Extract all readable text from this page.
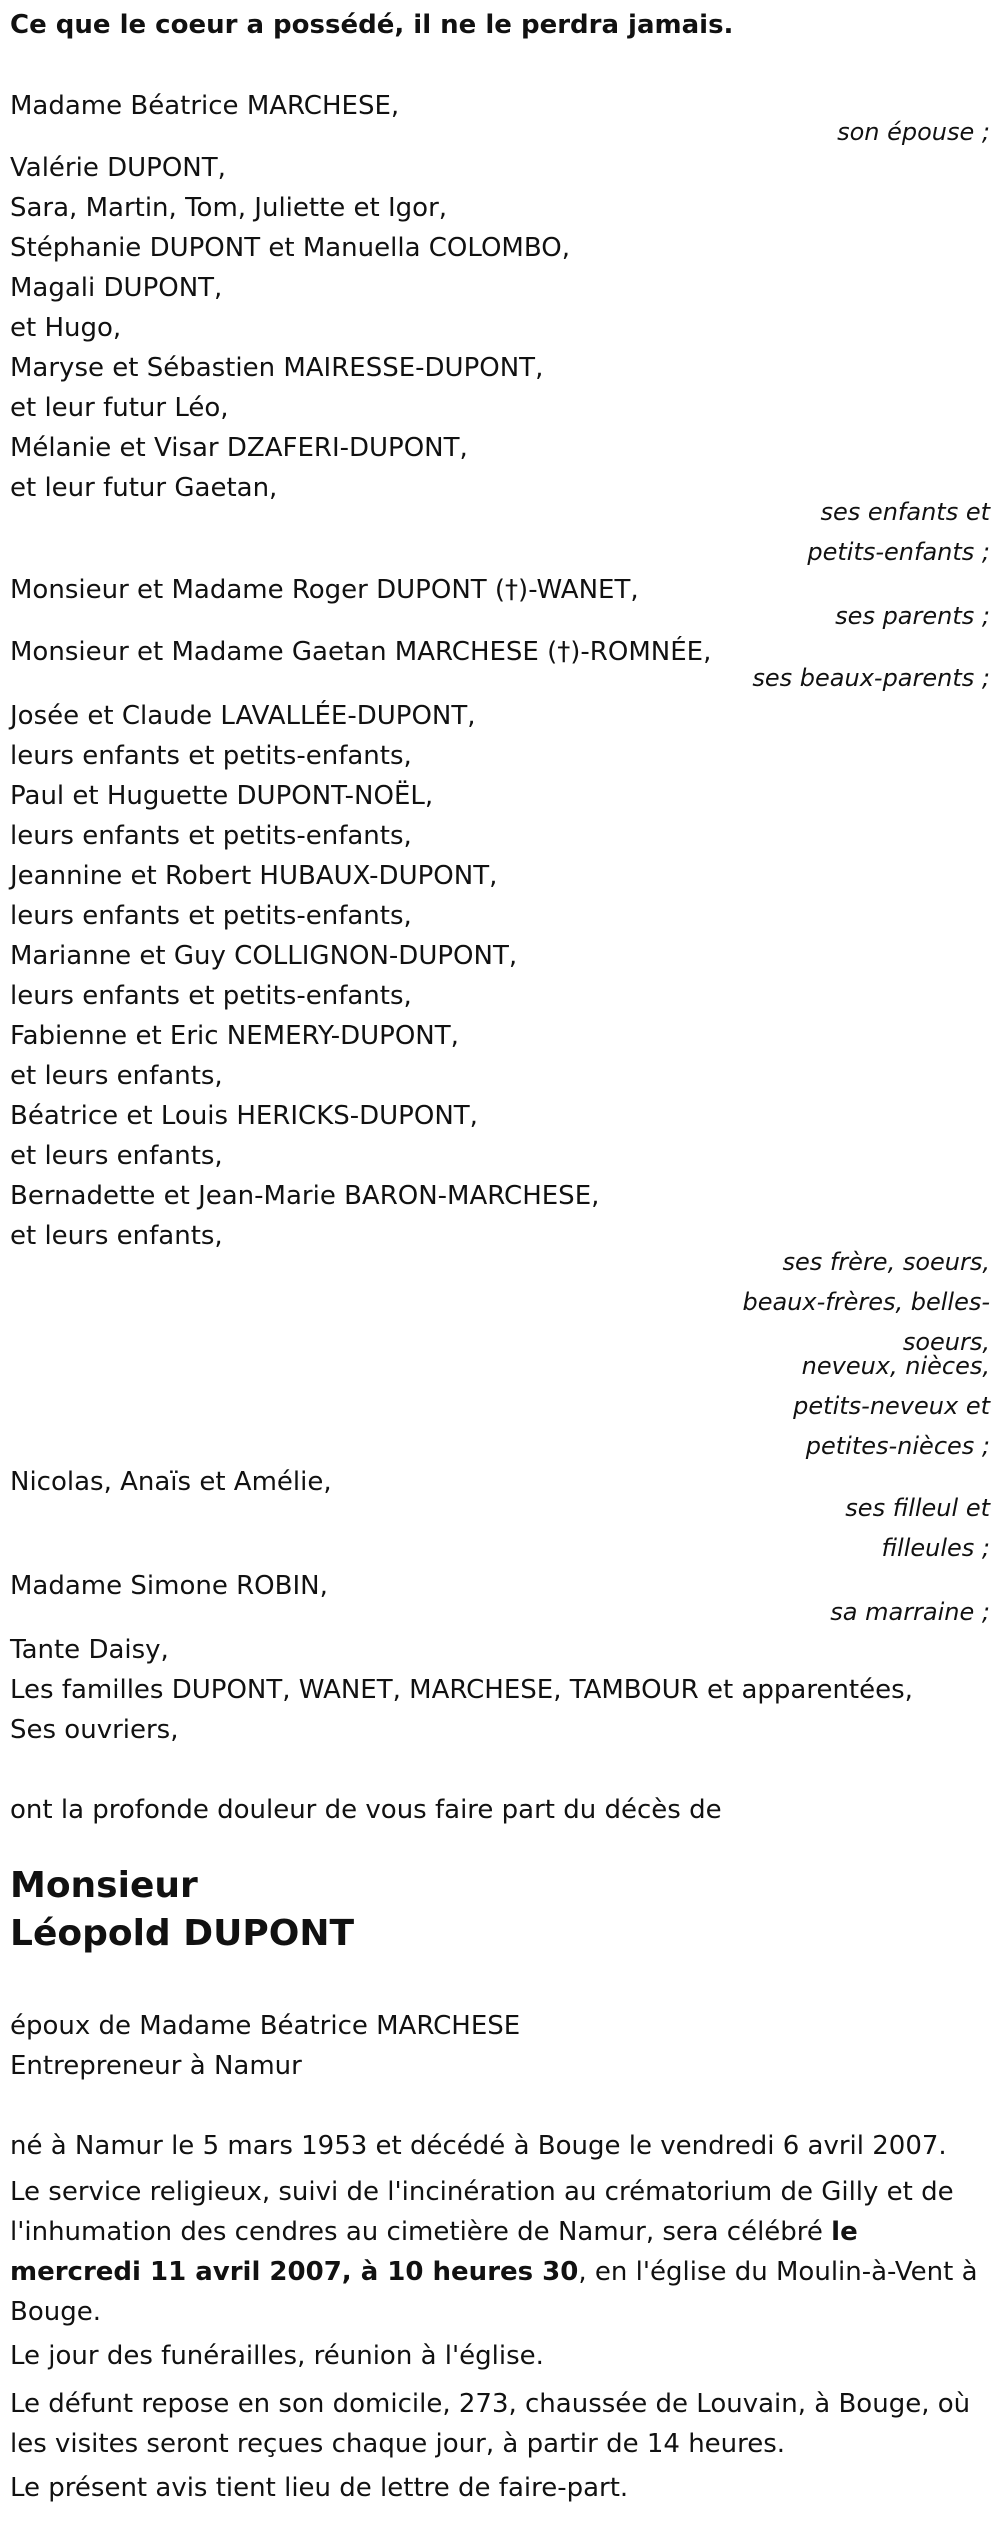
Ce que le coeur a possédé, il ne le perdra jamais.
Madame Béatrice MARCHESE,
son épouse ;
Valérie DUPONT,
Sara, Martin, Tom, Juliette et Igor,
Stéphanie DUPONT et Manuella COLOMBO,
Magali DUPONT,
et Hugo,
Maryse et Sébastien MAIRESSE-DUPONT,
et leur futur Léo,
Mélanie et Visar DZAFERI-DUPONT,
et leur futur Gaetan,
ses enfants et
petits-enfants ;
Monsieur et Madame Roger DUPONT (†)-WANET,
ses parents ;
Monsieur et Madame Gaetan MARCHESE (†)-ROMNÉE,
ses beaux-parents ;
Josée et Claude LAVALLÉE-DUPONT,
leurs enfants et petits-enfants,
Paul et Huguette DUPONT-NOËL,
leurs enfants et petits-enfants,
Jeannine et Robert HUBAUX-DUPONT,
leurs enfants et petits-enfants,
Marianne et Guy COLLIGNON-DUPONT,
leurs enfants et petits-enfants,
Fabienne et Eric NEMERY-DUPONT,
et leurs enfants,
Béatrice et Louis HERICKS-DUPONT,
et leurs enfants,
Bernadette et Jean-Marie BARON-MARCHESE,
et leurs enfants,
ses frère, soeurs,
beaux-frères, belles-
soeurs,
neveux, nièces,
petits-neveux et
petites-nièces ;
Nicolas, Anaïs et Amélie,
ses filleul et
filleules ;
Madame Simone ROBIN,
sa marraine ;
Tante Daisy,
Les familles DUPONT, WANET, MARCHESE, TAMBOUR et apparentées,
Ses ouvriers,
ont la profonde douleur de vous faire part du décès de
Monsieur
Léopold DUPONT
époux de Madame Béatrice MARCHESE
Entrepreneur à Namur
né à Namur le 5 mars 1953 et décédé à Bouge le vendredi 6 avril 2007.
Le service religieux, suivi de l'incinération au crématorium de Gilly et de l'inhumation des cendres au cimetière de Namur, sera célébré le mercredi 11 avril 2007, à 10 heures 30, en l'église du Moulin-à-Vent à Bouge.
Le jour des funérailles, réunion à l'église.
Le défunt repose en son domicile, 273, chaussée de Louvain, à Bouge, où les visites seront reçues chaque jour, à partir de 14 heures.
Le présent avis tient lieu de lettre de faire-part.
